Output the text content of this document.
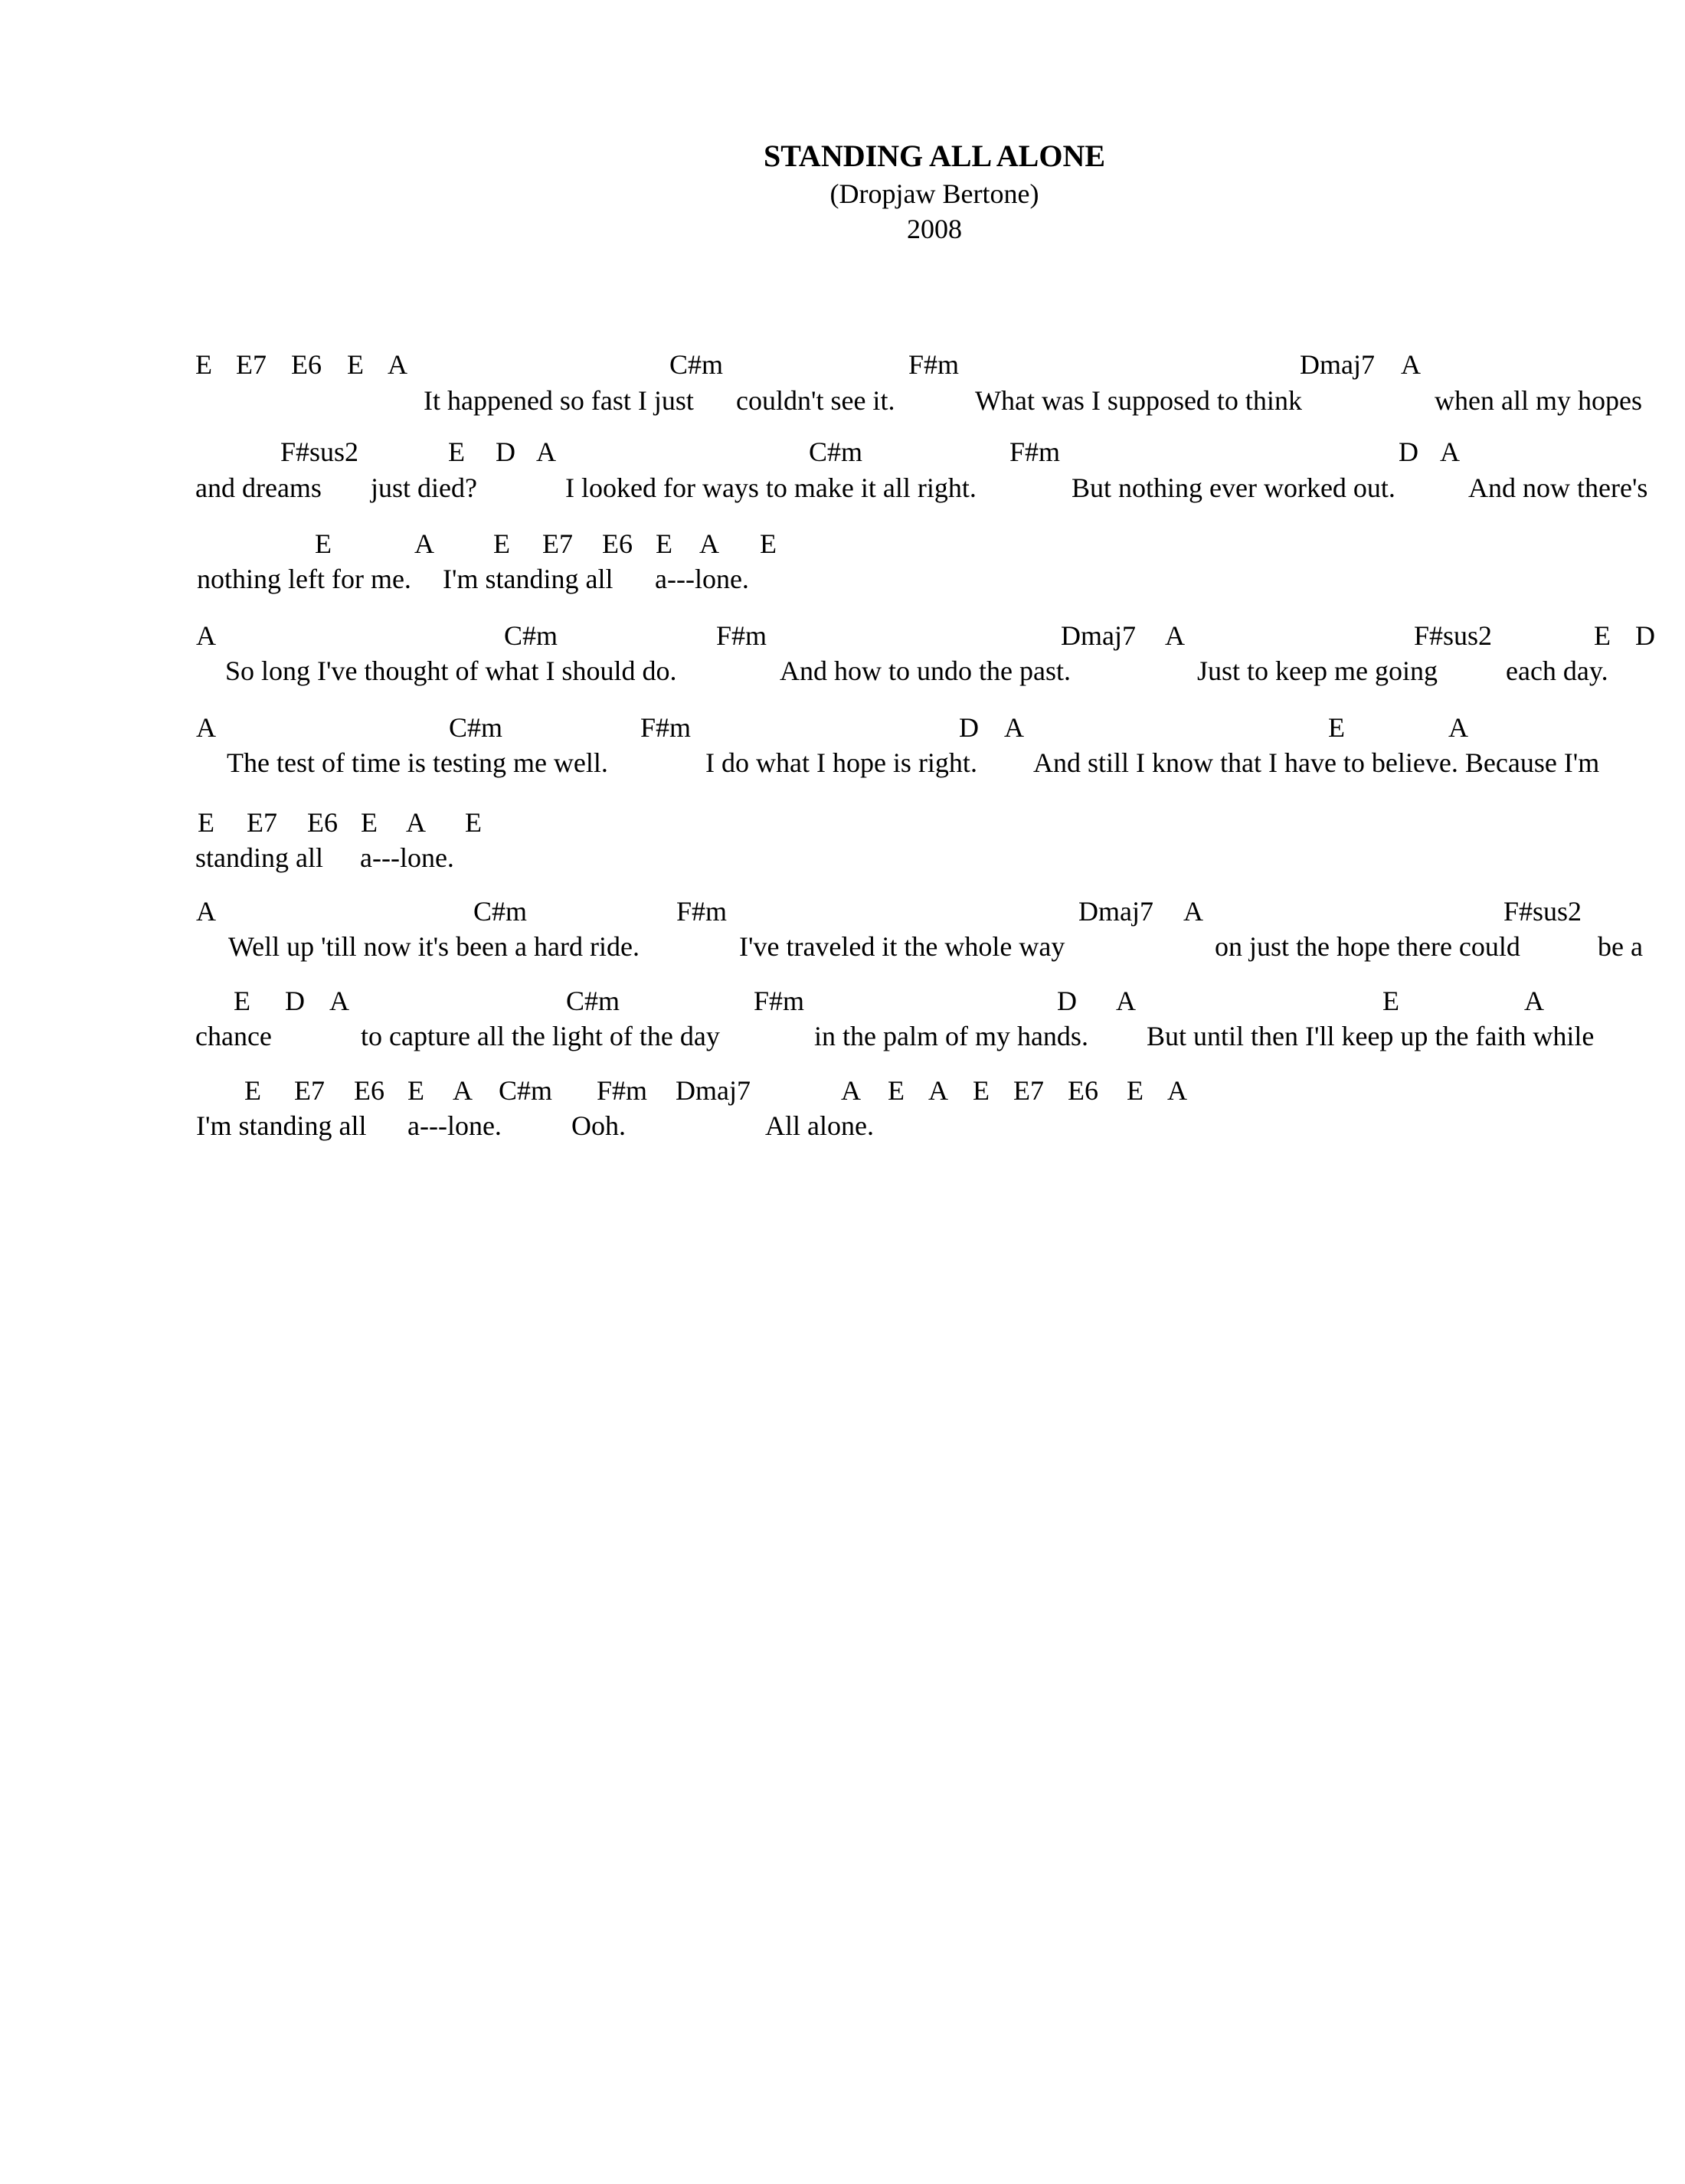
STANDING ALL ALONE
(Dropjaw Bertone)
2008
E E7 E6 E A	C#m	F#m	Dmaj7 A
It happened so fast I just couldn't see it.	What was I supposed to think	when all my hopes
F#sus2	E D A	C#m	F#m	D A
and dreams just died?	I looked for ways to make it all right.	But nothing ever worked out.	And now there's
E	A E E7 E6 E A E
nothing left for me. I'm standing all a---lone.
A	C#m	F#m	Dmaj7 A	F#sus2	E D
So long I've thought of what I should do.	And how to undo the past.	Just to keep me going each day.
A	C#m	F#m	D A	E	A
The test of time is testing me well.	I do what I hope is right. And still I know that I have to believe. Because I'm
E E7 E6 E A E
standing all a---lone.
A	C#m	F#m	Dmaj7 A	F#sus2
Well up 'till now it's been a hard ride.	I've traveled it the whole way	on just the hope there could	be a
E D A	C#m	F#m	D A	E	A
chance	to capture all the light of the day	in the palm of my hands. But until then I'll keep up the faith while
E E7 E6 E A C#m F#m Dmaj7	A E A E E7 E6 E A
I'm standing all a---lone.	Ooh.	All alone.
